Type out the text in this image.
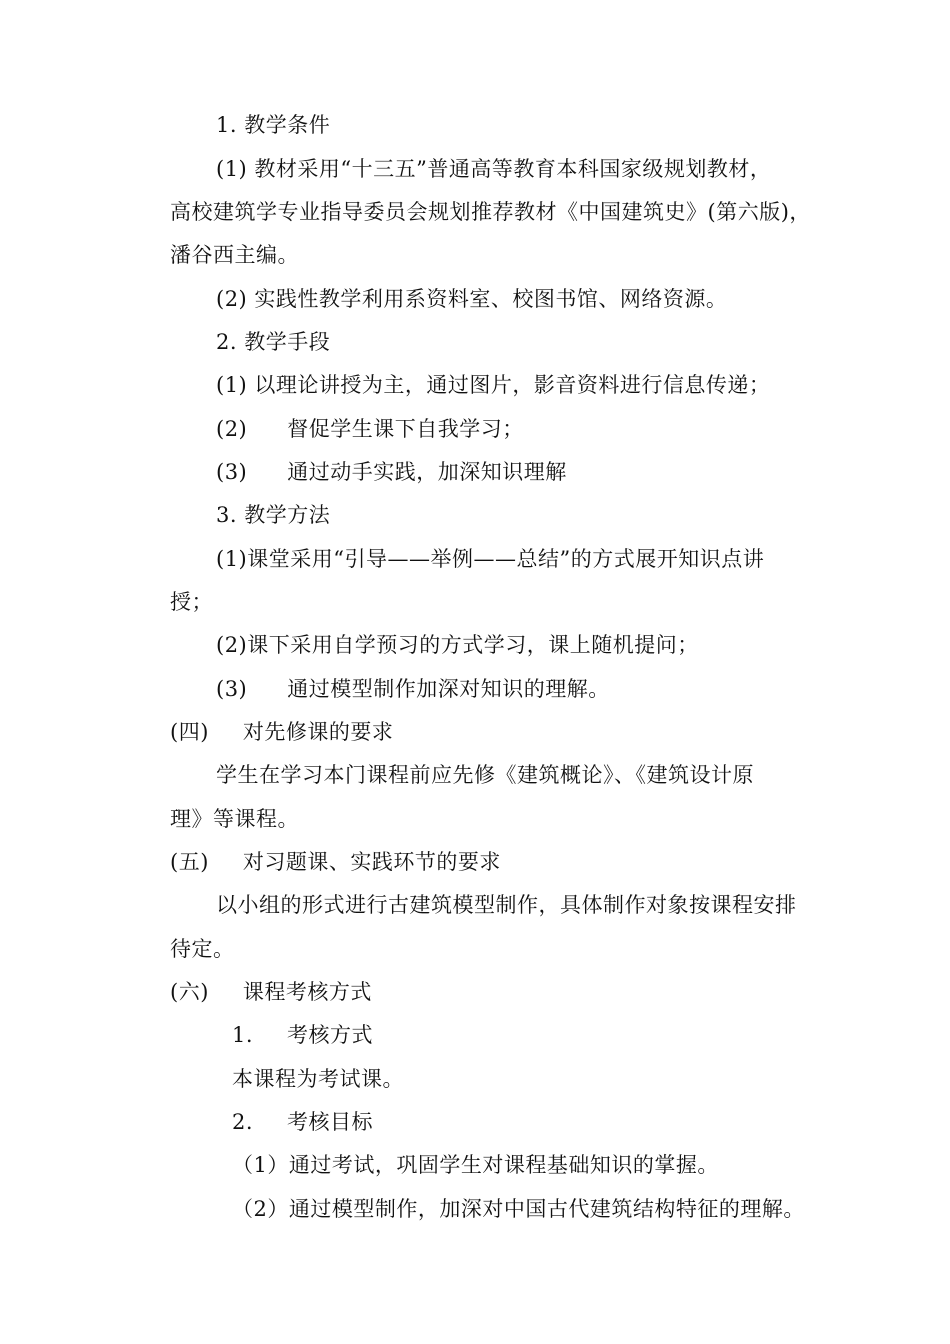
1. 教学条件
(1) 教材采用“十三五”普通高等教育本科国家级规划教材，
高校建筑学专业指导委员会规划推荐教材《中国建筑史》(第六版)，
潘谷西主编。
(2) 实践性教学利用系资料室、校图书馆、网络资源。
2. 教学手段
(1) 以理论讲授为主，通过图片，影音资料进行信息传递；
(2) 督促学生课下自我学习；
(3) 通过动手实践，加深知识理解
3. 教学方法
(1)课堂采用“引导——举例——总结”的方式展开知识点讲
授；
(2)课下采用自学预习的方式学习，课上随机提问；
(3) 通过模型制作加深对知识的理解。
(四) 对先修课的要求
学生在学习本门课程前应先修《建筑概论》、《建筑设计原
理》等课程。
(五) 对习题课、实践环节的要求
以小组的形式进行古建筑模型制作，具体制作对象按课程安排
待定。
(六) 课程考核方式
1. 考核方式
本课程为考试课。
2. 考核目标
（1）通过考试，巩固学生对课程基础知识的掌握。
（2）通过模型制作，加深对中国古代建筑结构特征的理解。
